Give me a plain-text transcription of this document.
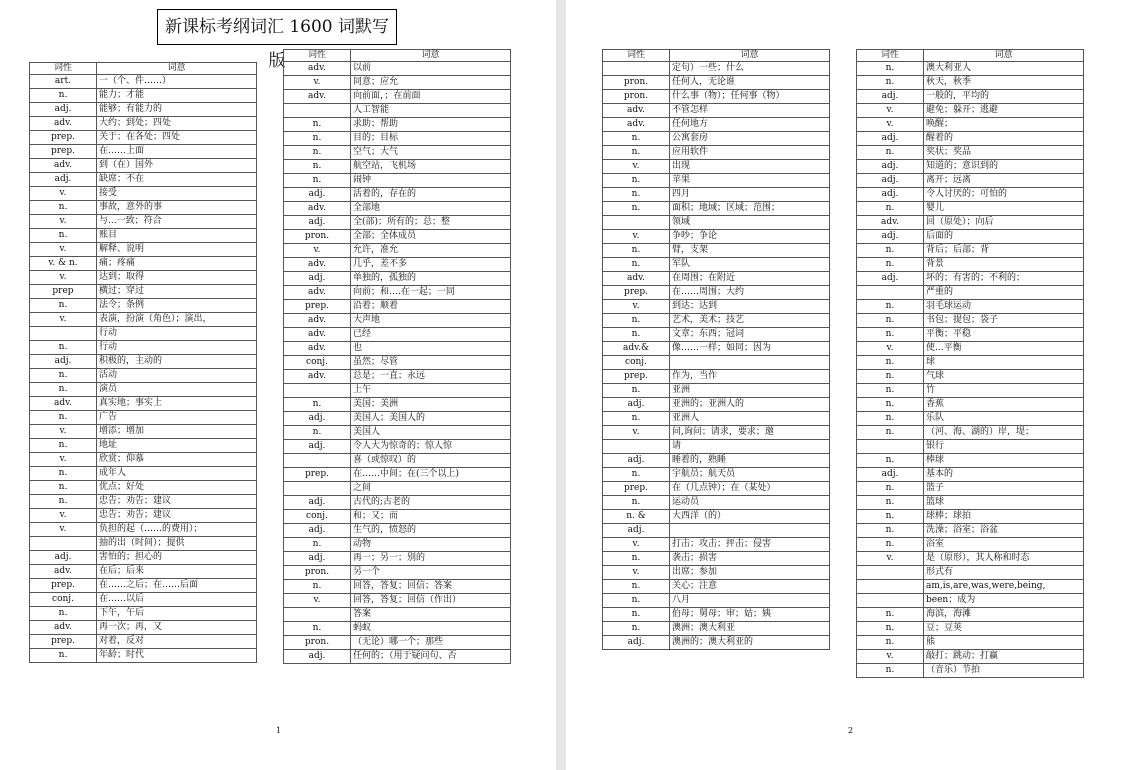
新课标考纲词汇 1600 词默写版
词性	词意
art.	一（个、件……）
n.	能力；才能
adj.	能够；有能力的
adv.	大约；到处；四处
prep.	关于；在各处；四处
prep.	在……上面
adv.	到（在）国外
adj.	缺席；不在
v.	接受
n.	事故，意外的事
v.	与...一致；符合
n.	账目
v.	解释、说明
v. & n.	痛；疼痛
v.	达到；取得
prep	横过；穿过
n.	法令；条例
v.	表演，扮演（角色）；演出，
	行动
n.	行动
adj.	积极的，主动的
n.	活动
n.	演员
adv.	真实地；事实上
n.	广告
v.	增添；增加
n.	地址
v.	欣赏；仰慕
n.	成年人
n.	优点；好处
n.	忠告；劝告；建议
v.	忠告；劝告；建议
v.	负担的起（……的费用）；
	抽的出（时间）；提供
adj.	害怕的；担心的
adv.	在后；后来
prep.	在……之后；在……后面
conj.	在……以后
n.	下午，午后
adv.	再一次；再，又
prep.	对着，反对
n.	年龄；时代
词性	词意
adv.	以前
v.	同意；应允
adv.	向前面，；在前面
	人工智能
n.	求助；帮助
n.	目的；目标
n.	空气；大气
n.	航空站，飞机场
n.	闹钟
adj.	活着的，存在的
adv.	全部地
adj.	全(部)；所有的；总；整
pron.	全部；全体成员
v.	允许，准允
adv.	几乎，差不多
adj.	单独的，孤独的
adv.	向前；和….在一起；一同
prep.	沿着；顺着
adv.	大声地
adv.	已经
adv.	也
conj.	虽然；尽管
adv.	总是；一直；永远
	上午
n.	美国；美洲
adj.	美国人；美国人的
n.	美国人
adj.	令人大为惊奇的；惊人惊
	喜（或惊叹）的
prep.	在……中间；在(三个以上)
	之间
adj.	古代的;古老的
conj.	和；又；而
adj.	生气的，愤怒的
n.	动物
adj.	再一；另一；别的
pron.	另一个
n.	回答，答复；回信；答案
v.	回答，答复；回信（作出）
	答案
n.	蚂蚁
pron.	（无论）哪一个；那些
adj.	任何的；（用于疑问句、否
1
词性	词意
	定句）一些；什么
pron.	任何人，无论谁
pron.	什么事（物）；任何事（物）
adv.	不管怎样
adv.	任何地方
n.	公寓套房
n.	应用软件
v.	出现
n.	苹果
n.	四月
n.	面积；地域；区域；范围；
	领域
v.	争吵；争论
n.	臂，支架
n.	军队
adv.	在周围；在附近
prep.	在……周围；大约
v.	到达；达到
n.	艺术，美术；技艺
n.	文章；东西；冠词
adv.&	像……一样；如同；因为
conj.	
prep.	作为，当作
n.	亚洲
adj.	亚洲的；亚洲人的
n.	亚洲人
v.	问,询问；请求，要求；邀
	请
adj.	睡着的，熟睡
n.	宇航员；航天员
prep.	在（几点钟）；在（某处）
n.	运动员
n. &	大西洋（的）
adj.	
v.	打击；攻击；抨击；侵害
n.	袭击；损害
v.	出席；参加
n.	关心；注意
n.	八月
n.	伯母；舅母；审；姑；姨
n.	澳洲；澳大利亚
adj.	澳洲的；澳大利亚的
词性	词意
n.	澳大利亚人
n.	秋天，秋季
adj.	一般的，平均的
v.	避免；躲开；逃避
v.	唤醒；
adj.	醒着的
n.	奖状；奖品
adj.	知道的；意识到的
adj.	离开；远离
adj.	令人讨厌的；可怕的
n.	婴儿
adv.	回（原处）；向后
adj.	后面的
n.	背后；后部；背
n.	背景
adj.	坏的；有害的；不利的；
	严重的
n.	羽毛球运动
n.	书包；提包；袋子
n.	平衡；平稳
v.	使...平衡
n.	球
n.	气球
n.	竹
n.	香蕉
n.	乐队
n.	（河、海、湖的）岸，堤；
	银行
n.	棒球
adj.	基本的
n.	篮子
n.	篮球
n.	球棒；球拍
n.	洗澡；浴室；浴盆
n.	浴室
v.	是（原形），其人称和时态
	形式有
	am,is,are,was,were,being,
	been；成为
n.	海滨，海滩
n.	豆；豆荚
n.	熊
v.	敲打；跳动；打赢
n.	（音乐）节拍
2
